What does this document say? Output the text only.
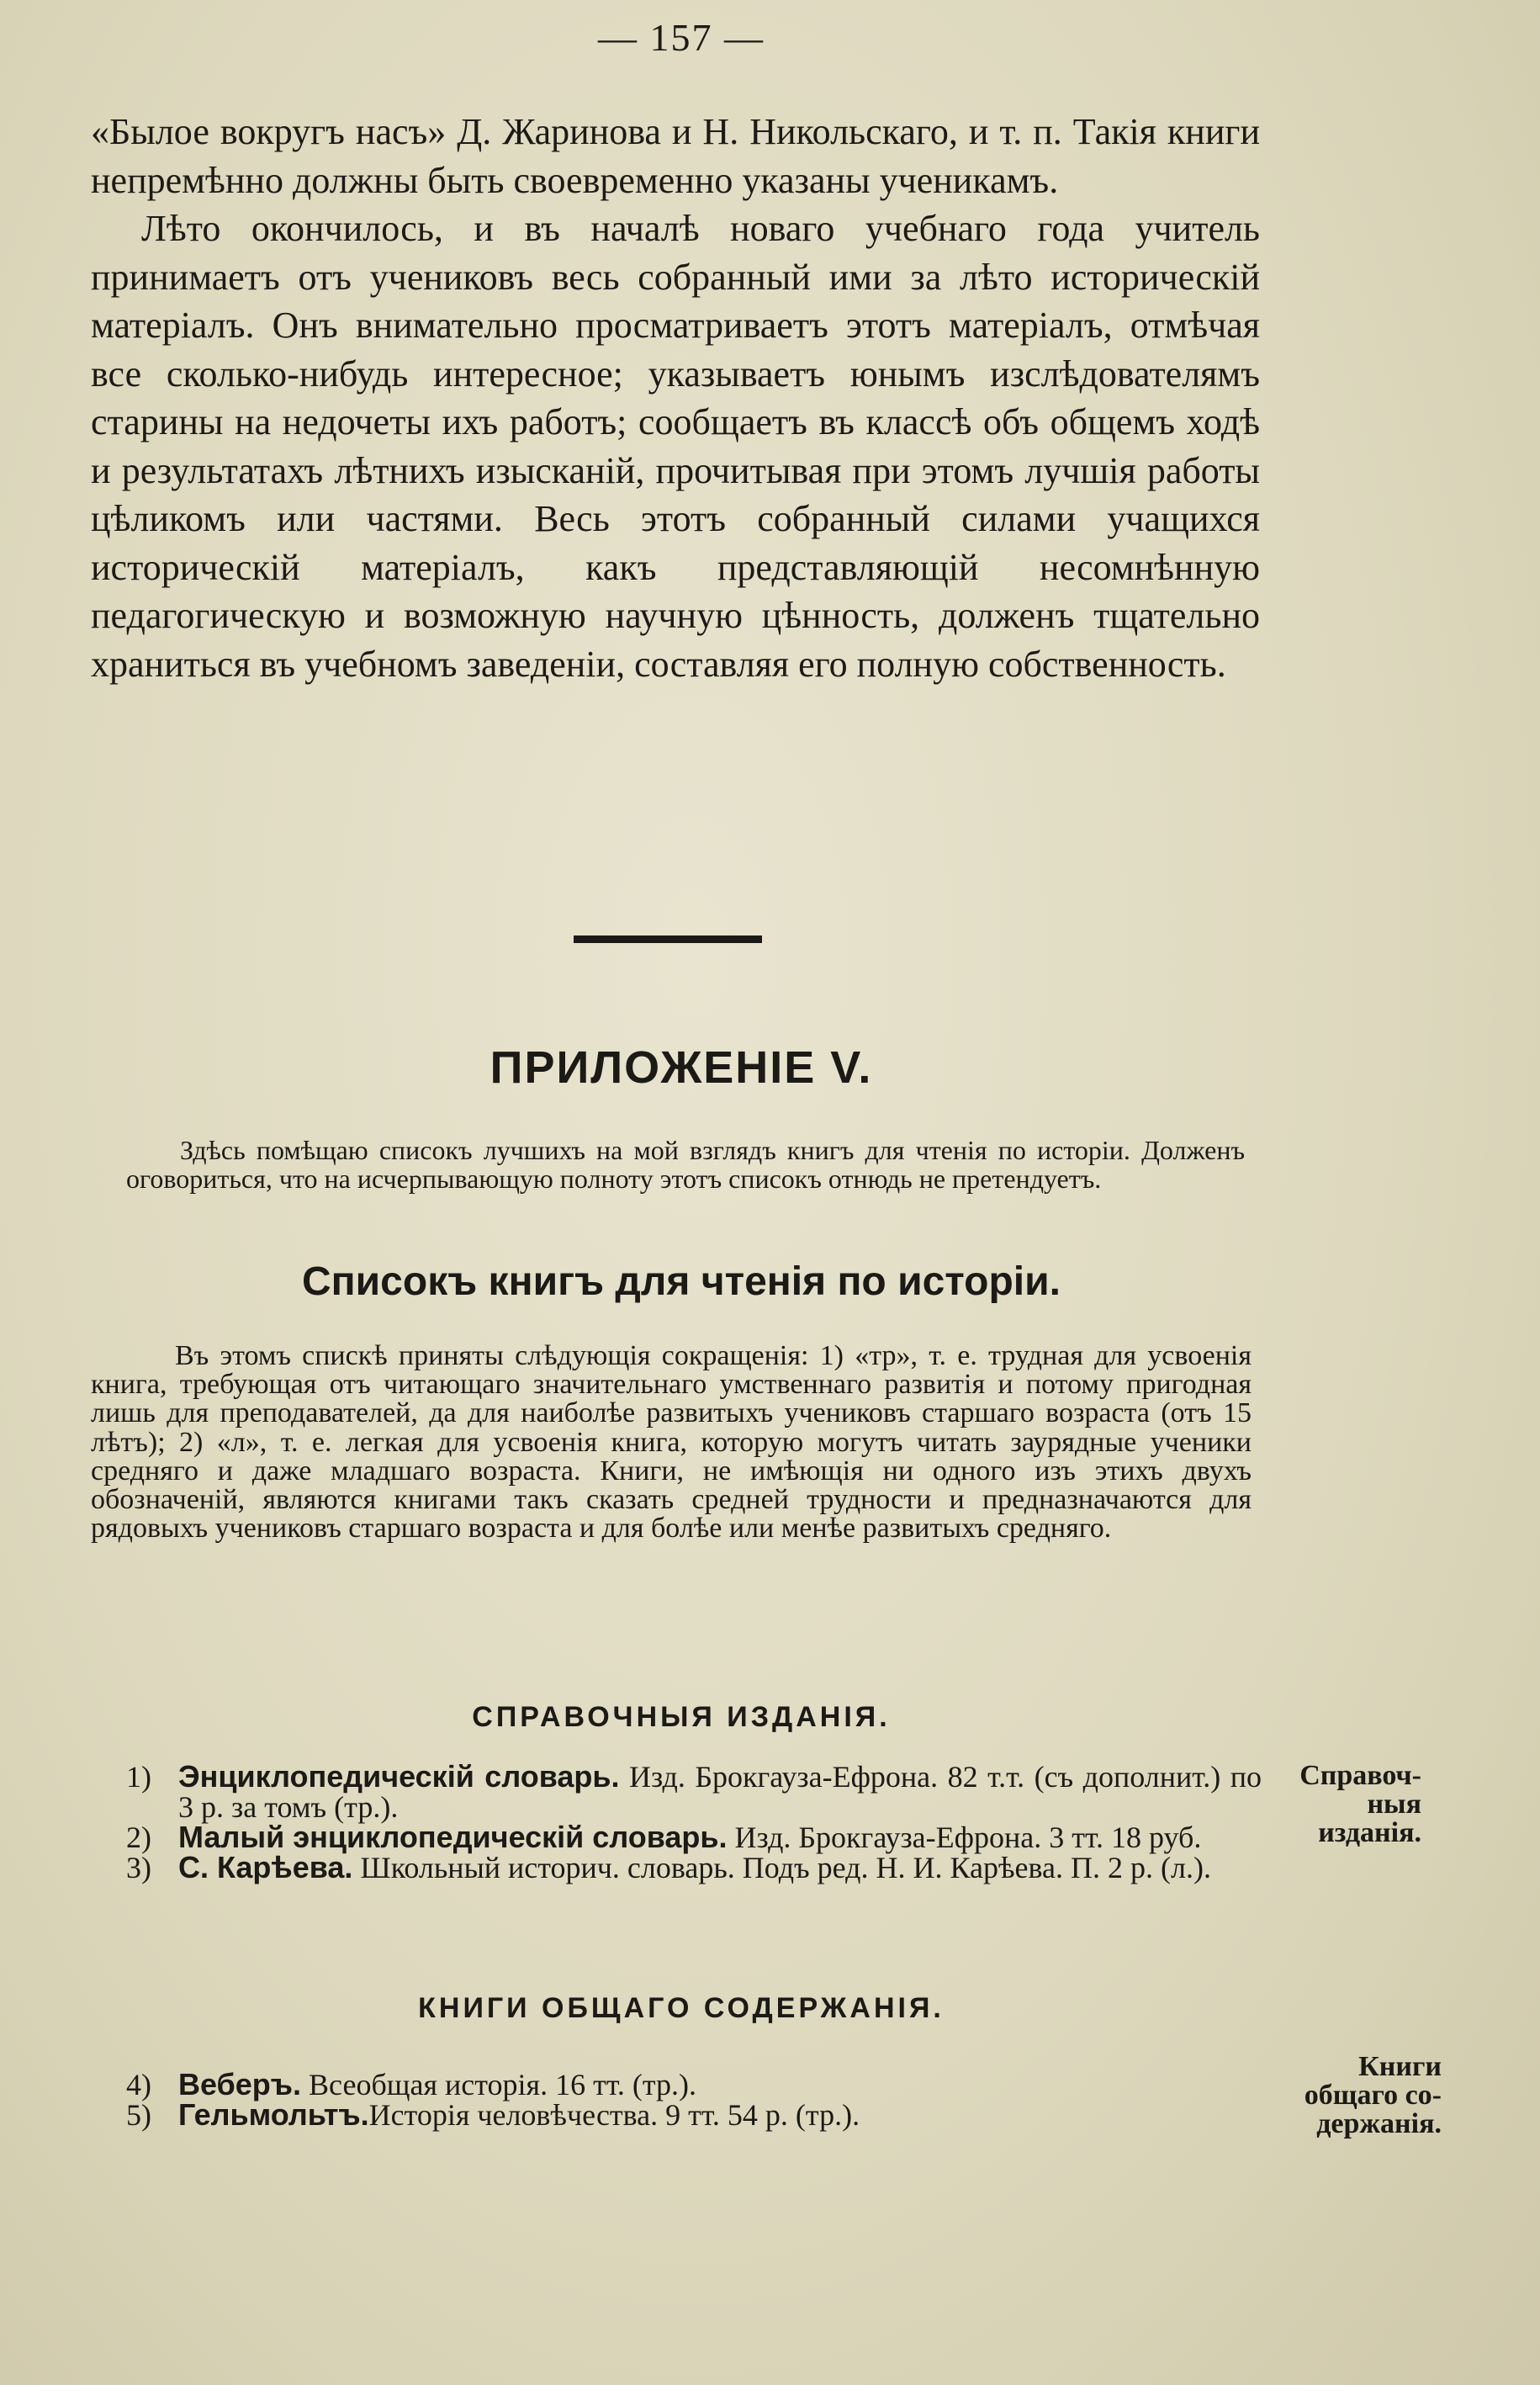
— 157 —

«Былое вокругъ насъ» Д. Жаринова и Н. Никольскаго, и т. п. Такія книги непремѣнно должны быть своевременно указаны ученикамъ.

Лѣто окончилось, и въ началѣ новаго учебнаго года учитель принимаетъ отъ учениковъ весь собранный ими за лѣто историческій матеріалъ. Онъ внимательно просматриваетъ этотъ матеріалъ, отмѣчая все сколько-нибудь интересное; указываетъ юнымъ изслѣдователямъ старины на недочеты ихъ работъ; сообщаетъ въ классѣ объ общемъ ходѣ и результатахъ лѣтнихъ изысканій, прочитывая при этомъ лучшія работы цѣликомъ или частями. Весь этотъ собранный силами учащихся историческій матеріалъ, какъ представляющій несомнѣнную педагогическую и возможную научную цѣнность, долженъ тщательно храниться въ учебномъ заведеніи, составляя его полную собственность.

ПРИЛОЖЕНІЕ V.
Здѣсь помѣщаю списокъ лучшихъ на мой взглядъ книгъ для чтенія по исторіи. Долженъ оговориться, что на исчерпывающую полноту этотъ списокъ отнюдь не претендуетъ.
Списокъ книгъ для чтенія по исторіи.
Въ этомъ спискѣ приняты слѣдующія сокращенія: 1) «тр», т. е. трудная для усвоенія книга, требующая отъ читающаго значительнаго умственнаго развитія и потому пригодная лишь для преподавателей, да для наиболѣе развитыхъ учениковъ старшаго возраста (отъ 15 лѣтъ); 2) «л», т. е. легкая для усвоенія книга, которую могутъ читать заурядные ученики средняго и даже младшаго возраста. Книги, не имѣющія ни одного изъ этихъ двухъ обозначеній, являются книгами такъ сказать средней трудности и предназначаются для рядовыхъ учениковъ старшаго возраста и для болѣе или менѣе развитыхъ средняго.
СПРАВОЧНЫЯ ИЗДАНІЯ.
1) Энциклопедическій словарь. Изд. Брокгауза-Ефрона. 82 т.т. (съ дополнит.) по 3 р. за томъ (тр.).
2) Малый энциклопедическій словарь. Изд. Брокгауза-Ефрона. 3 тт. 18 руб.
3) С. Карѣева. Школьный историч. словарь. Подъ ред. Н. И. Карѣева. П. 2 р. (л.).
Справоч-
ныя
изданія.
КНИГИ ОБЩАГО СОДЕРЖАНІЯ.
4) Веберъ. Всеобщая исторія. 16 тт. (тр.).
5) Гельмольтъ.Исторія человѣчества. 9 тт. 54 р. (тр.).
Книги
общаго со-
держанія.
